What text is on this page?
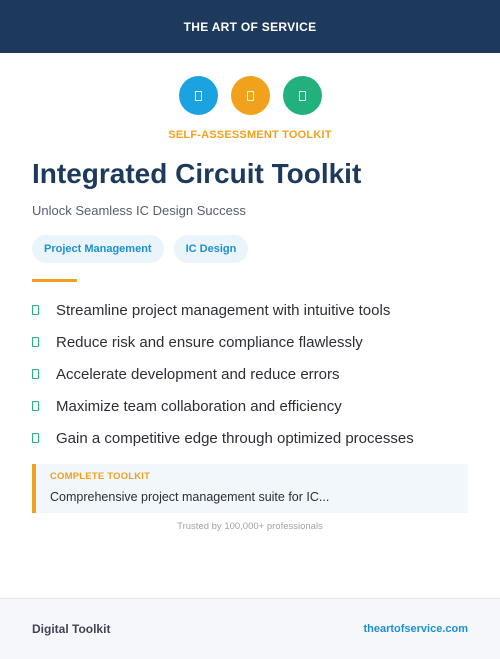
THE ART OF SERVICE
SELF-ASSESSMENT TOOLKIT
Integrated Circuit Toolkit
Unlock Seamless IC Design Success
Project Management	IC Design
Streamline project management with intuitive tools
Reduce risk and ensure compliance flawlessly
Accelerate development and reduce errors
Maximize team collaboration and efficiency
Gain a competitive edge through optimized processes
COMPLETE TOOLKIT
Comprehensive project management suite for IC...
Trusted by 100,000+ professionals
Digital Toolkit	theartofservice.com
